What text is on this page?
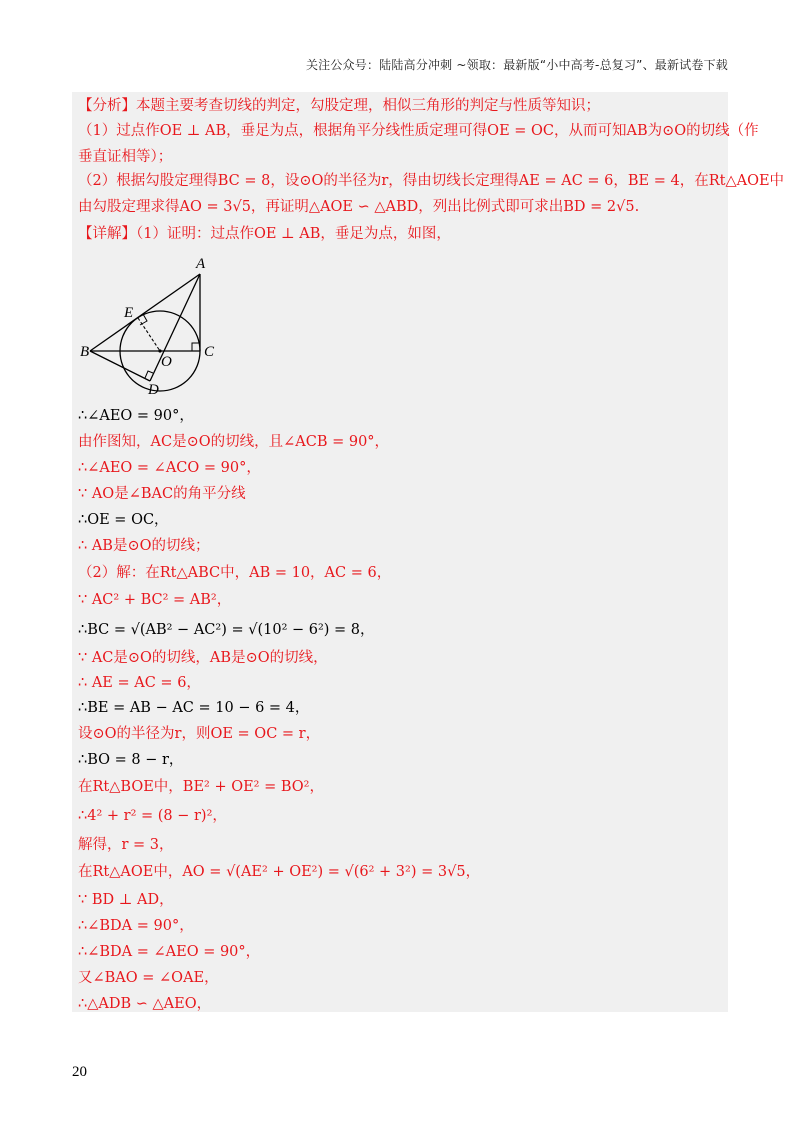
关注公众号：陆陆高分冲刺 ~领取：最新版“小中高考-总复习”、最新试卷下载
【分析】本题主要考查切线的判定，勾股定理，相似三角形的判定与性质等知识；
（1）过点作OE ⊥ AB，垂足为点，根据角平分线性质定理可得OE = OC，从而可知AB为⊙O的切线（作
垂直证相等）；
（2）根据勾股定理得BC = 8，设⊙O的半径为r，得由切线长定理得AE = AC = 6，BE = 4，在Rt△AOE中
由勾股定理求得AO = 3√5，再证明△AOE ∽ △ABD，列出比例式即可求出BD = 2√5.
【详解】（1）证明：过点作OE ⊥ AB，垂足为点，如图，
A
E
B
O
C
D
∴∠AEO = 90°，
由作图知，AC是⊙O的切线，且∠ACB = 90°，
∴∠AEO = ∠ACO = 90°，
∵ AO是∠BAC的角平分线
∴OE = OC，
∴ AB是⊙O的切线；
（2）解：在Rt△ABC中，AB = 10，AC = 6，
∵ AC² + BC² = AB²，
∴BC = √(AB² − AC²) = √(10² − 6²) = 8，
∵ AC是⊙O的切线，AB是⊙O的切线，
∴ AE = AC = 6，
∴BE = AB − AC = 10 − 6 = 4，
设⊙O的半径为r，则OE = OC = r，
∴BO = 8 − r，
在Rt△BOE中，BE² + OE² = BO²，
∴4² + r² = (8 − r)²，
解得，r = 3，
在Rt△AOE中，AO = √(AE² + OE²) = √(6² + 3²) = 3√5，
∵ BD ⊥ AD，
∴∠BDA = 90°，
∴∠BDA = ∠AEO = 90°，
又∠BAO = ∠OAE，
∴△ADB ∽ △AEO，
20
